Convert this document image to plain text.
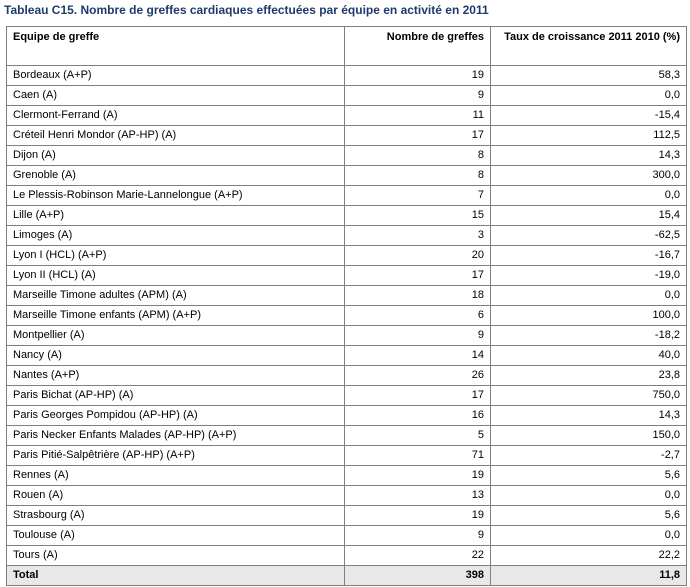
Tableau C15. Nombre de greffes cardiaques effectuées par équipe en activité en 2011
Equipe de greffe	Nombre de greffes	Taux de croissance 2011 2010 (%)
Bordeaux (A+P)	19	58,3
Caen (A)	9	0,0
Clermont-Ferrand (A)	11	-15,4
Créteil Henri Mondor (AP-HP) (A)	17	112,5
Dijon (A)	8	14,3
Grenoble (A)	8	300,0
Le Plessis-Robinson Marie-Lannelongue (A+P)	7	0,0
Lille (A+P)	15	15,4
Limoges (A)	3	-62,5
Lyon I (HCL) (A+P)	20	-16,7
Lyon II (HCL) (A)	17	-19,0
Marseille Timone adultes (APM) (A)	18	0,0
Marseille Timone enfants (APM) (A+P)	6	100,0
Montpellier (A)	9	-18,2
Nancy (A)	14	40,0
Nantes (A+P)	26	23,8
Paris Bichat (AP-HP) (A)	17	750,0
Paris Georges Pompidou (AP-HP) (A)	16	14,3
Paris Necker Enfants Malades (AP-HP) (A+P)	5	150,0
Paris Pitié-Salpêtrière (AP-HP) (A+P)	71	-2,7
Rennes (A)	19	5,6
Rouen (A)	13	0,0
Strasbourg (A)	19	5,6
Toulouse (A)	9	0,0
Tours (A)	22	22,2
Total	398	11,8
